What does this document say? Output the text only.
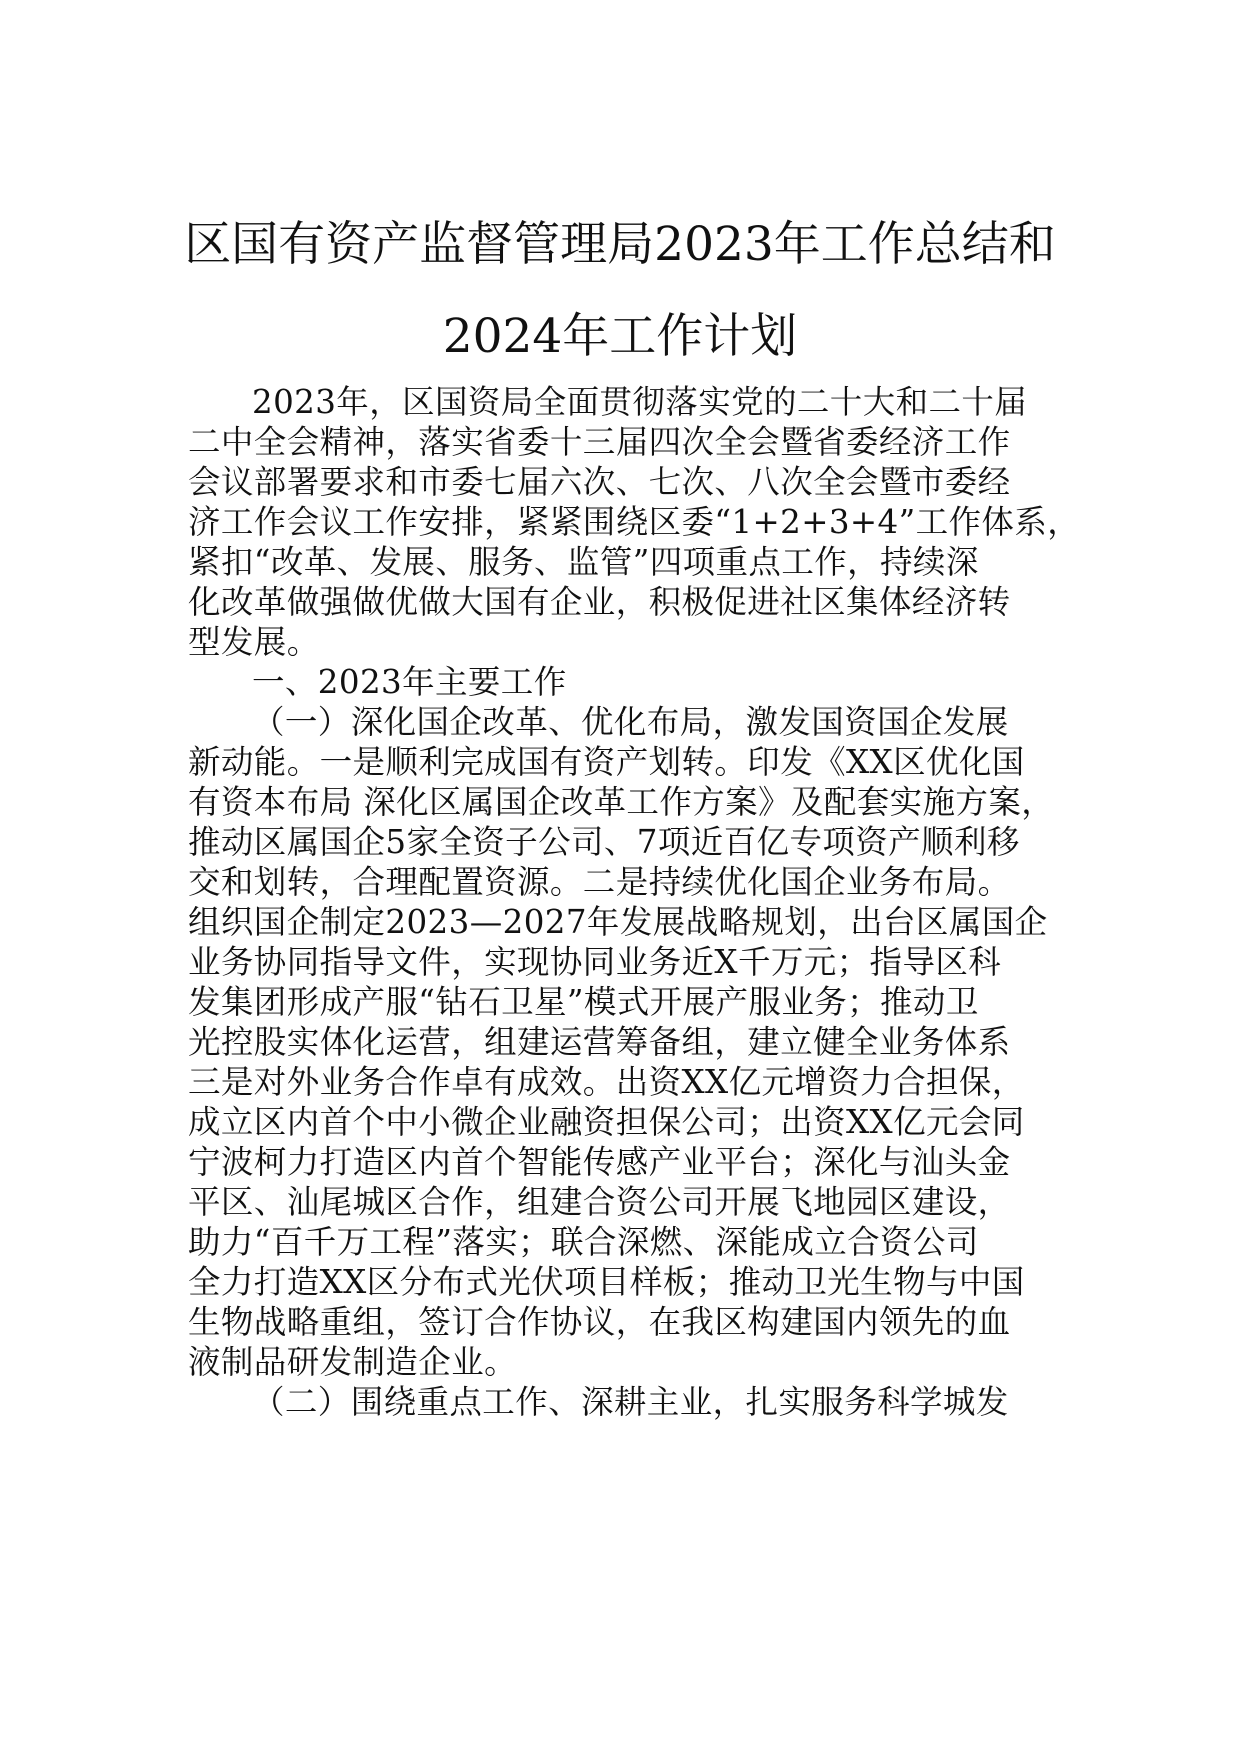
区国有资产监督管理局2023年工作总结和
2024年工作计划
2023年，区国资局全面贯彻落实党的二十大和二十届
二中全会精神，落实省委十三届四次全会暨省委经济工作
会议部署要求和市委七届六次、七次、八次全会暨市委经
济工作会议工作安排，紧紧围绕区委“1+2+3+4”工作体系，
紧扣“改革、发展、服务、监管”四项重点工作，持续深
化改革做强做优做大国有企业，积极促进社区集体经济转
型发展。
一、2023年主要工作
（一）深化国企改革、优化布局，激发国资国企发展
新动能。一是顺利完成国有资产划转。印发《XX区优化国
有资本布局 深化区属国企改革工作方案》及配套实施方案，
推动区属国企5家全资子公司、7项近百亿专项资产顺利移
交和划转，合理配置资源。二是持续优化国企业务布局。
组织国企制定2023—2027年发展战略规划，出台区属国企
业务协同指导文件，实现协同业务近X千万元；指导区科
发集团形成产服“钻石卫星”模式开展产服业务；推动卫
光控股实体化运营，组建运营筹备组，建立健全业务体系
三是对外业务合作卓有成效。出资XX亿元增资力合担保，
成立区内首个中小微企业融资担保公司；出资XX亿元会同
宁波柯力打造区内首个智能传感产业平台；深化与汕头金
平区、汕尾城区合作，组建合资公司开展飞地园区建设，
助力“百千万工程”落实；联合深燃、深能成立合资公司
全力打造XX区分布式光伏项目样板；推动卫光生物与中国
生物战略重组，签订合作协议，在我区构建国内领先的血
液制品研发制造企业。
（二）围绕重点工作、深耕主业，扎实服务科学城发
